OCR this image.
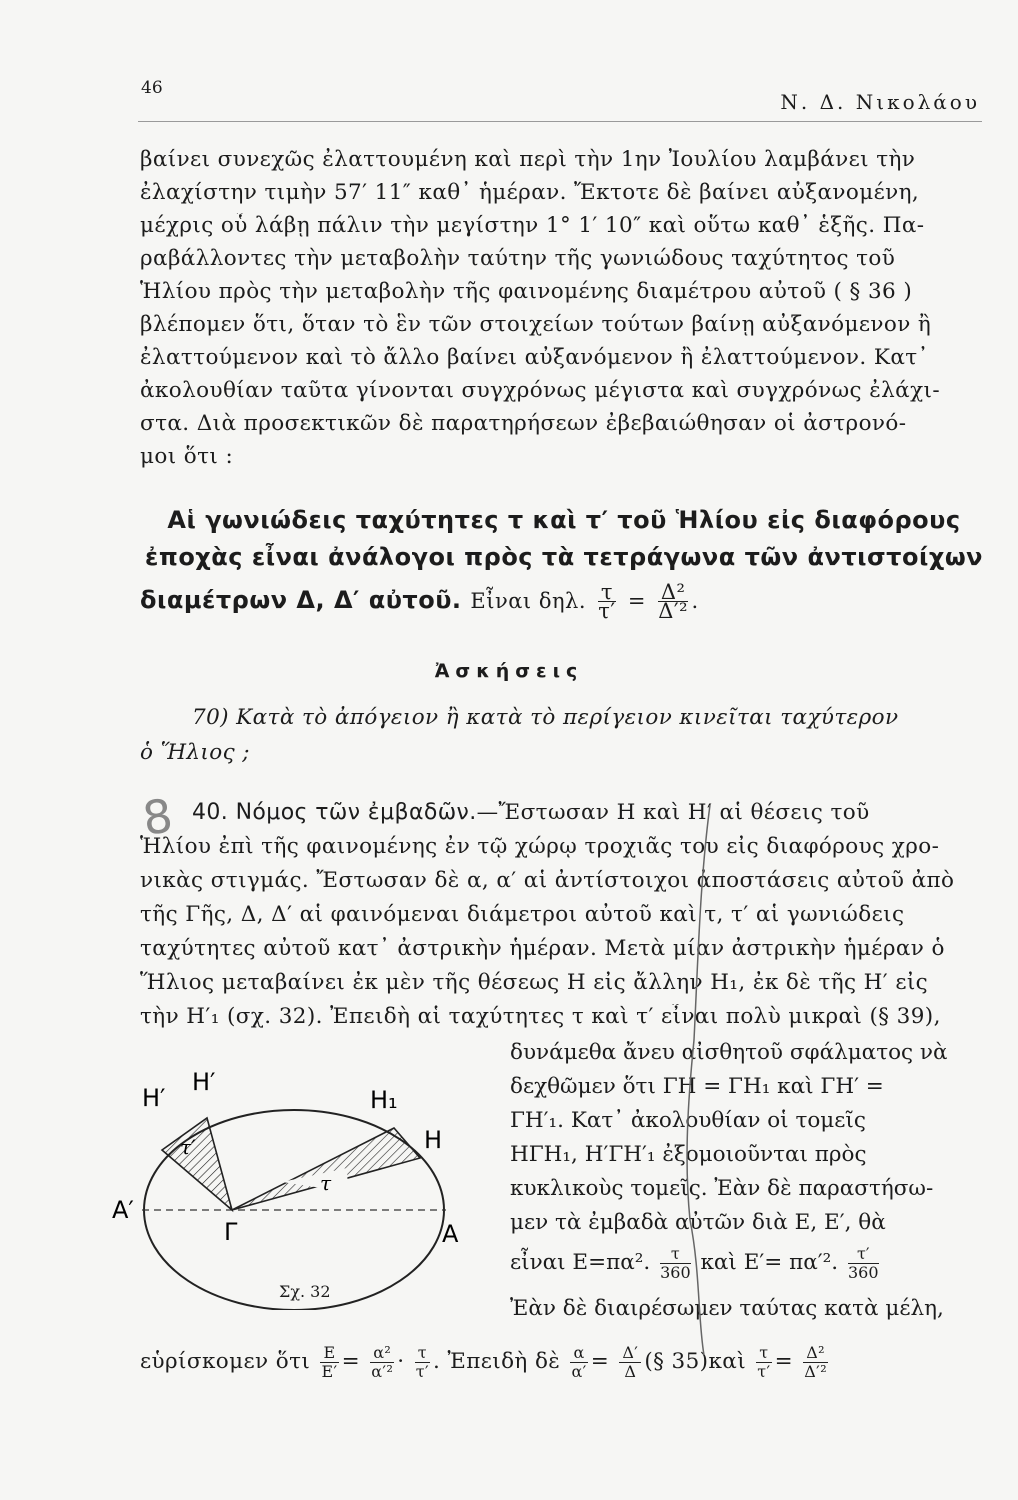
46
Ν. Δ. Νικολάου
βαίνει συνεχῶς ἐλαττουμένη καὶ περὶ τὴν 1ην Ἰουλίου λαμβάνει τὴν
ἐλαχίστην τιμὴν 57′ 11″ καθ᾽ ἡμέραν. Ἔκτοτε δὲ βαίνει αὐξανομένη,
μέχρις οὗ λάβῃ πάλιν τὴν μεγίστην 1° 1′ 10″ καὶ οὕτω καθ᾽ ἑξῆς. Πα-
ραβάλλοντες τὴν μεταβολὴν ταύτην τῆς γωνιώδους ταχύτητος τοῦ
Ἡλίου πρὸς τὴν μεταβολὴν τῆς φαινομένης διαμέτρου αὐτοῦ ( § 36 )
βλέπομεν ὅτι, ὅταν τὸ ἓν τῶν στοιχείων τούτων βαίνῃ αὐξανόμενον ἢ
ἐλαττούμενον καὶ τὸ ἄλλο βαίνει αὐξανόμενον ἢ ἐλαττούμενον. Κατ᾽
ἀκολουθίαν ταῦτα γίνονται συγχρόνως μέγιστα καὶ συγχρόνως ἐλάχι-
στα. Διὰ προσεκτικῶν δὲ παρατηρήσεων ἐβεβαιώθησαν οἱ ἀστρονό-
μοι ὅτι :
Αἱ γωνιώδεις ταχύτητες τ καὶ τ′ τοῦ Ἡλίου εἰς διαφόρους
ἐποχὰς εἶναι ἀνάλογοι πρὸς τὰ τετράγωνα τῶν ἀντιστοίχων
διαμέτρων Δ, Δ′ αὐτοῦ. Εἶναι δηλ. $\frac{\tau}{\tau'} = \frac{\text{Δ²}}{\text{Δ′²}}$ .
Ἀσκήσεις
70) Κατὰ τὸ ἀπόγειον ἢ κατὰ τὸ περίγειον κινεῖται ταχύτερον
ὁ Ἥλιος ;
8 40. Νόμος τῶν ἐμβαδῶν.—Ἔστωσαν Η καὶ Η′ αἱ θέσεις τοῦ
Ἡλίου ἐπὶ τῆς φαινομένης ἐν τῷ χώρῳ τροχιᾶς του εἰς διαφόρους χρο-
νικὰς στιγμάς. Ἔστωσαν δὲ α, α′ αἱ ἀντίστοιχοι ἀποστάσεις αὐτοῦ ἀπὸ
τῆς Γῆς, Δ, Δ′ αἱ φαινόμεναι διάμετροι αὐτοῦ καὶ τ, τ′ αἱ γωνιώδεις
ταχύτητες αὐτοῦ κατ᾽ ἀστρικὴν ἡμέραν. Μετὰ μίαν ἀστρικὴν ἡμέραν ὁ
Ἥλιος μεταβαίνει ἐκ μὲν τῆς θέσεως Η εἰς ἄλλην Η₁, ἐκ δὲ τῆς Η′ εἰς
τὴν Η′₁ (σχ. 32). Ἐπειδὴ αἱ ταχύτητες τ καὶ τ′ εἶναι πολὺ μικραὶ (§ 39),
δυνάμεθα ἄνευ αἰσθητοῦ σφάλματος νὰ
δεχθῶμεν ὅτι ΓΗ = ΓΗ₁ καὶ ΓΗ′ =
ΓΗ′₁. Κατ᾽ ἀκολουθίαν οἱ τομεῖς
ΗΓΗ₁, Η′ΓΗ′₁ ἐξομοιοῦνται πρὸς
κυκλικοὺς τομεῖς. Ἐὰν δὲ παραστήσω-
μεν τὰ ἐμβαδὰ αὐτῶν διὰ Ε, Ε′, θὰ
εἶναι Ε=πα². $\frac{\tau}{360}$ καὶ Ε′= πα′². $\frac{\tau'}{360}$
Ἐὰν δὲ διαιρέσωμεν ταύτας κατὰ μέλη,
εὑρίσκομεν ὅτι $\frac{E}{E'} = \frac{\text{α²}}{\text{α′²}} \cdot \frac{\tau}{\tau'}$ . Ἐπειδὴ δὲ $\frac{\alpha}{\alpha'} = \frac{\Delta'}{\Delta}$ (§ 35)καὶ $\frac{\tau}{\tau'} = \frac{\text{Δ²}}{\text{Δ′²}}$
Η′
Η′
Η₁
Η
Α′
Α
Γ
τ′
τ
Σχ. 32
